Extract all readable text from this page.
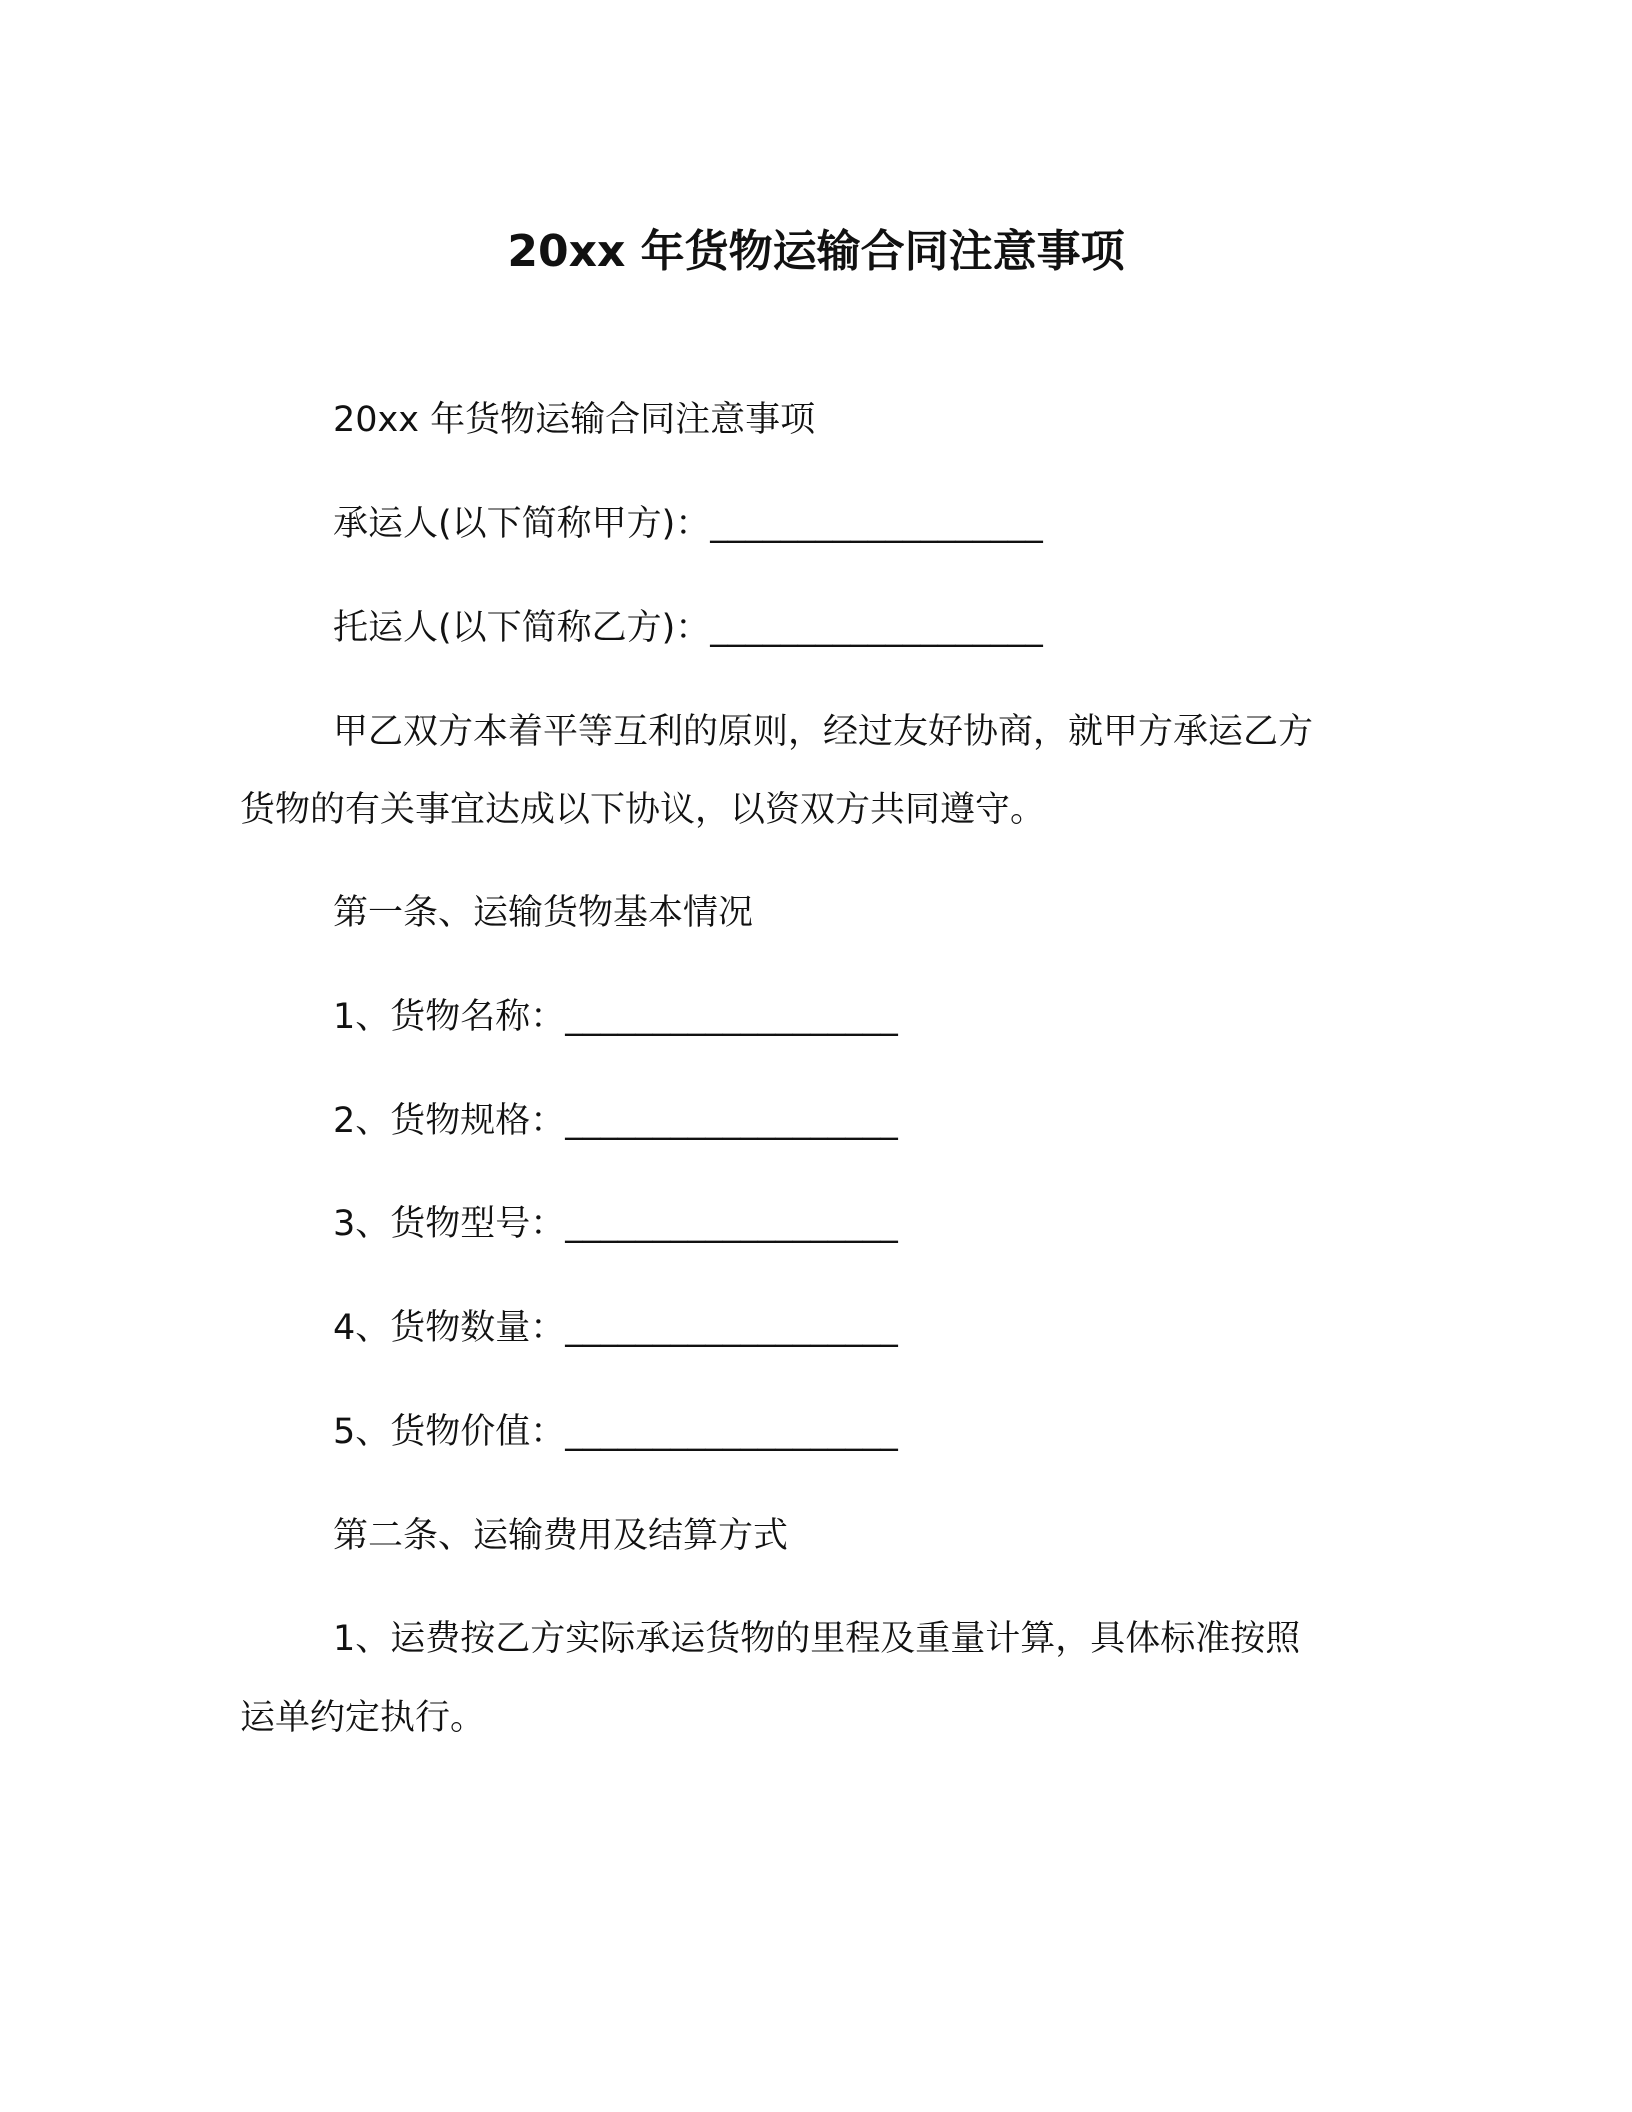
20xx 年货物运输合同注意事项
20xx 年货物运输合同注意事项
承运人(以下简称甲方)：___________________
托运人(以下简称乙方)：___________________
甲乙双方本着平等互利的原则，经过友好协商，就甲方承运乙方
货物的有关事宜达成以下协议，以资双方共同遵守。
第一条、运输货物基本情况
1、货物名称：___________________
2、货物规格：___________________
3、货物型号：___________________
4、货物数量：___________________
5、货物价值：___________________
第二条、运输费用及结算方式
1、运费按乙方实际承运货物的里程及重量计算，具体标准按照
运单约定执行。
